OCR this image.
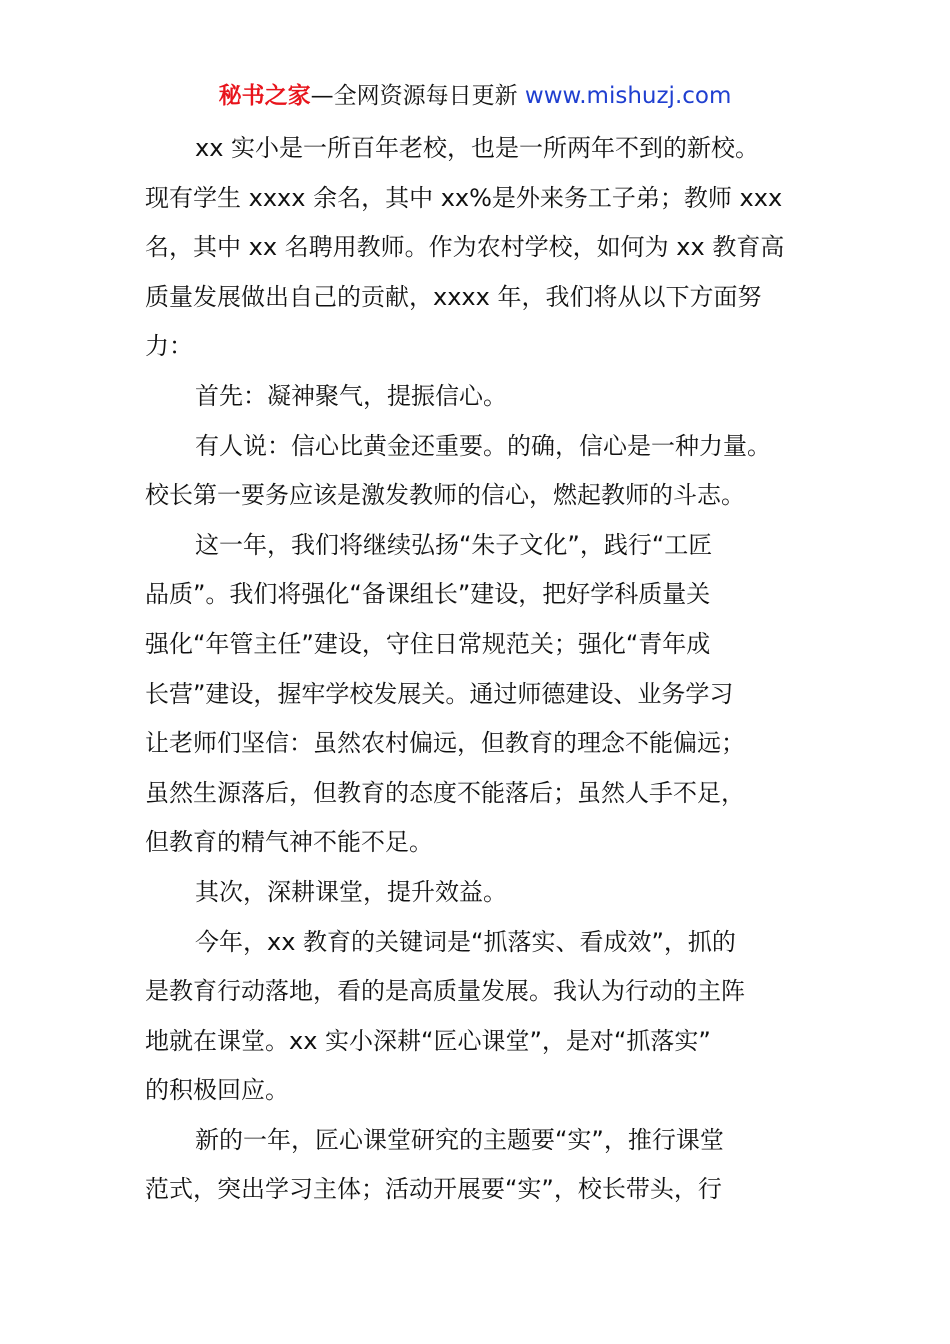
秘书之家—全网资源每日更新 www.mishuzj.com
xx 实小是一所百年老校，也是一所两年不到的新校。
现有学生 xxxx 余名，其中 xx%是外来务工子弟；教师 xxx
名，其中 xx 名聘用教师。作为农村学校，如何为 xx 教育高
质量发展做出自己的贡献，xxxx 年，我们将从以下方面努
力：
首先：凝神聚气，提振信心。
有人说：信心比黄金还重要。的确，信心是一种力量。
校长第一要务应该是激发教师的信心，燃起教师的斗志。
这一年，我们将继续弘扬“朱子文化”，践行“工匠
品质”。我们将强化“备课组长”建设，把好学科质量关
强化“年管主任”建设，守住日常规范关；强化“青年成
长营”建设，握牢学校发展关。通过师德建设、业务学习
让老师们坚信：虽然农村偏远，但教育的理念不能偏远；
虽然生源落后，但教育的态度不能落后；虽然人手不足，
但教育的精气神不能不足。
其次，深耕课堂，提升效益。
今年，xx 教育的关键词是“抓落实、看成效”，抓的
是教育行动落地，看的是高质量发展。我认为行动的主阵
地就在课堂。xx 实小深耕“匠心课堂”，是对“抓落实”
的积极回应。
新的一年，匠心课堂研究的主题要“实”，推行课堂
范式，突出学习主体；活动开展要“实”，校长带头，行
